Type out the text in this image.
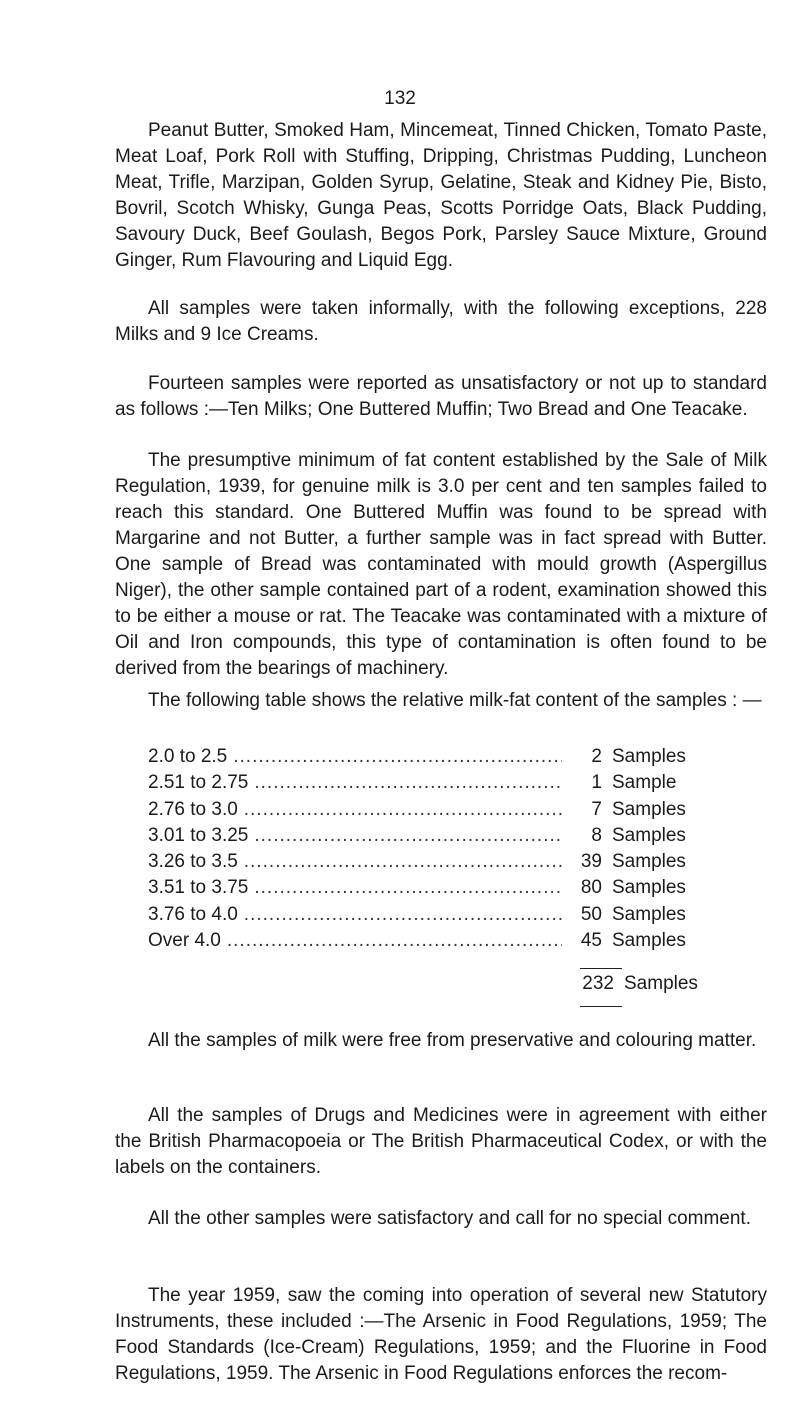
132

Peanut Butter, Smoked Ham, Mincemeat, Tinned Chicken, Tomato Paste, Meat Loaf, Pork Roll with Stuffing, Dripping, Christmas Pudding, Luncheon Meat, Trifle, Marzipan, Golden Syrup, Gelatine, Steak and Kidney Pie, Bisto, Bovril, Scotch Whisky, Gunga Peas, Scotts Porridge Oats, Black Pudding, Savoury Duck, Beef Goulash, Begos Pork, Parsley Sauce Mixture, Ground Ginger, Rum Flavouring and Liquid Egg.

All samples were taken informally, with the following exceptions, 228 Milks and 9 Ice Creams.

Fourteen samples were reported as unsatisfactory or not up to standard as follows :—Ten Milks; One Buttered Muffin; Two Bread and One Teacake.

The presumptive minimum of fat content established by the Sale of Milk Regulation, 1939, for genuine milk is 3.0 per cent and ten samples failed to reach this standard. One Buttered Muffin was found to be spread with Margarine and not Butter, a further sample was in fact spread with Butter. One sample of Bread was contaminated with mould growth (Aspergillus Niger), the other sample contained part of a rodent, examination showed this to be either a mouse or rat. The Teacake was contaminated with a mixture of Oil and Iron compounds, this type of contamination is often found to be derived from the bearings of machinery.

The following table shows the relative milk-fat content of the samples : —

2.0 to 2.5 .....	2 Samples
2.51 to 2.75 .....	1 Sample
2.76 to 3.0 .....	7 Samples
3.01 to 3.25 .....	8 Samples
3.26 to 3.5 .....	39 Samples
3.51 to 3.75 .....	80 Samples
3.76 to 4.0 .....	50 Samples
Over 4.0 .....	45 Samples
232 Samples

All the samples of milk were free from preservative and colouring matter.

All the samples of Drugs and Medicines were in agreement with either the British Pharmacopoeia or The British Pharmaceutical Codex, or with the labels on the containers.

All the other samples were satisfactory and call for no special comment.

The year 1959, saw the coming into operation of several new Statutory Instruments, these included :—The Arsenic in Food Regulations, 1959; The Food Standards (Ice-Cream) Regulations, 1959; and the Fluorine in Food Regulations, 1959. The Arsenic in Food Regulations enforces the recom-
